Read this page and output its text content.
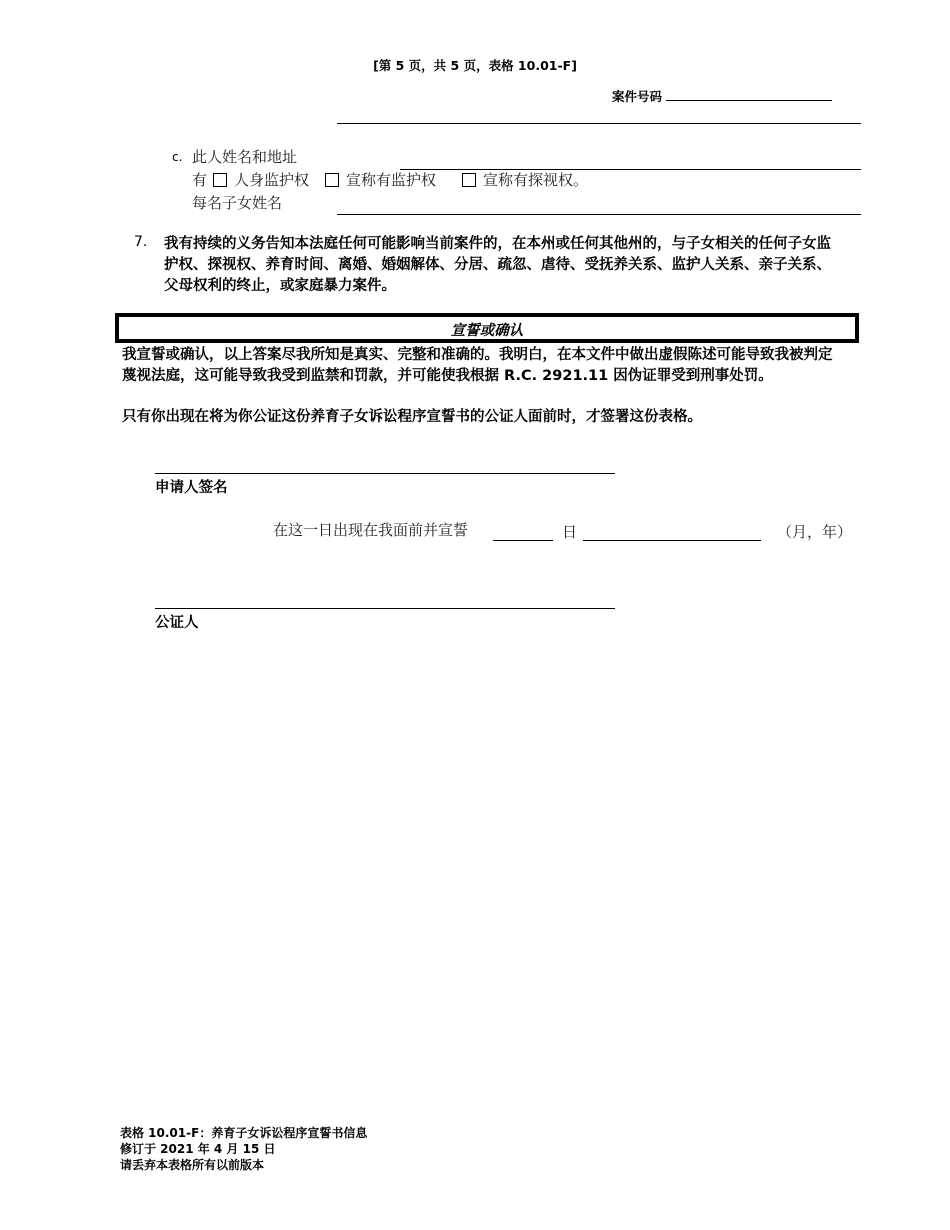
[第 5 页，共 5 页，表格 10.01-F]
案件号码
c. 此人姓名和地址
有 人身监护权 宣称有监护权	宣称有探视权。
每名子女姓名
7. 我有持续的义务告知本法庭任何可能影响当前案件的，在本州或任何其他州的，与子女相关的任何子女监护权、探视权、养育时间、离婚、婚姻解体、分居、疏忽、虐待、受抚养关系、监护人关系、亲子关系、父母权利的终止，或家庭暴力案件。
宣誓或确认
我宣誓或确认，以上答案尽我所知是真实、完整和准确的。我明白，在本文件中做出虚假陈述可能导致我被判定蔑视法庭，这可能导致我受到监禁和罚款，并可能使我根据 R.C. 2921.11 因伪证罪受到刑事处罚。
只有你出现在将为你公证这份养育子女诉讼程序宣誓书的公证人面前时，才签署这份表格。
申请人签名
在这一日出现在我面前并宣誓	日	（月，年）
公证人
表格 10.01-F：养育子女诉讼程序宣誓书信息
修订于 2021 年 4 月 15 日
请丢弃本表格所有以前版本
